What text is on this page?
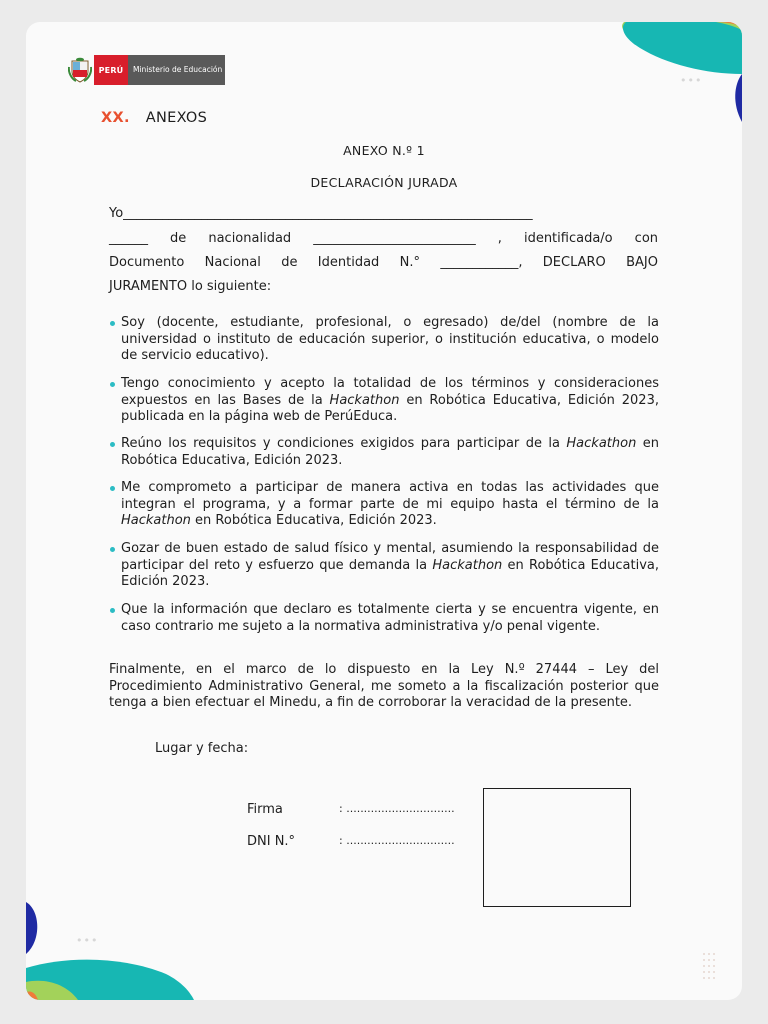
•••
•••
PERÚ	Ministerio de Educación
XX. ANEXOS
ANEXO N.º 1
DECLARACIÓN JURADA
Yo_______________________________________________________________
______ de nacionalidad _________________________ , identificada/o con
Documento Nacional de Identidad N.° ____________, DECLARO BAJO
JURAMENTO lo siguiente:
Soy (docente, estudiante, profesional, o egresado) de/del (nombre de la universidad o instituto de educación superior, o institución educativa, o modelo de servicio educativo).
Tengo conocimiento y acepto la totalidad de los términos y consideraciones expuestos en las Bases de la Hackathon en Robótica Educativa, Edición 2023, publicada en la página web de PerúEduca.
Reúno los requisitos y condiciones exigidos para participar de la Hackathon en Robótica Educativa, Edición 2023.
Me comprometo a participar de manera activa en todas las actividades que integran el programa, y a formar parte de mi equipo hasta el término de la Hackathon en Robótica Educativa, Edición 2023.
Gozar de buen estado de salud físico y mental, asumiendo la responsabilidad de participar del reto y esfuerzo que demanda la Hackathon en Robótica Educativa, Edición 2023.
Que la información que declaro es totalmente cierta y se encuentra vigente, en caso contrario me sujeto a la normativa administrativa y/o penal vigente.
Finalmente, en el marco de lo dispuesto en la Ley N.º 27444 – Ley del Procedimiento Administrativo General, me someto a la fiscalización posterior que tenga a bien efectuar el Minedu, a fin de corroborar la veracidad de la presente.
Lugar y fecha:
Firma	: ...............................
DNI N.°	: ...............................
